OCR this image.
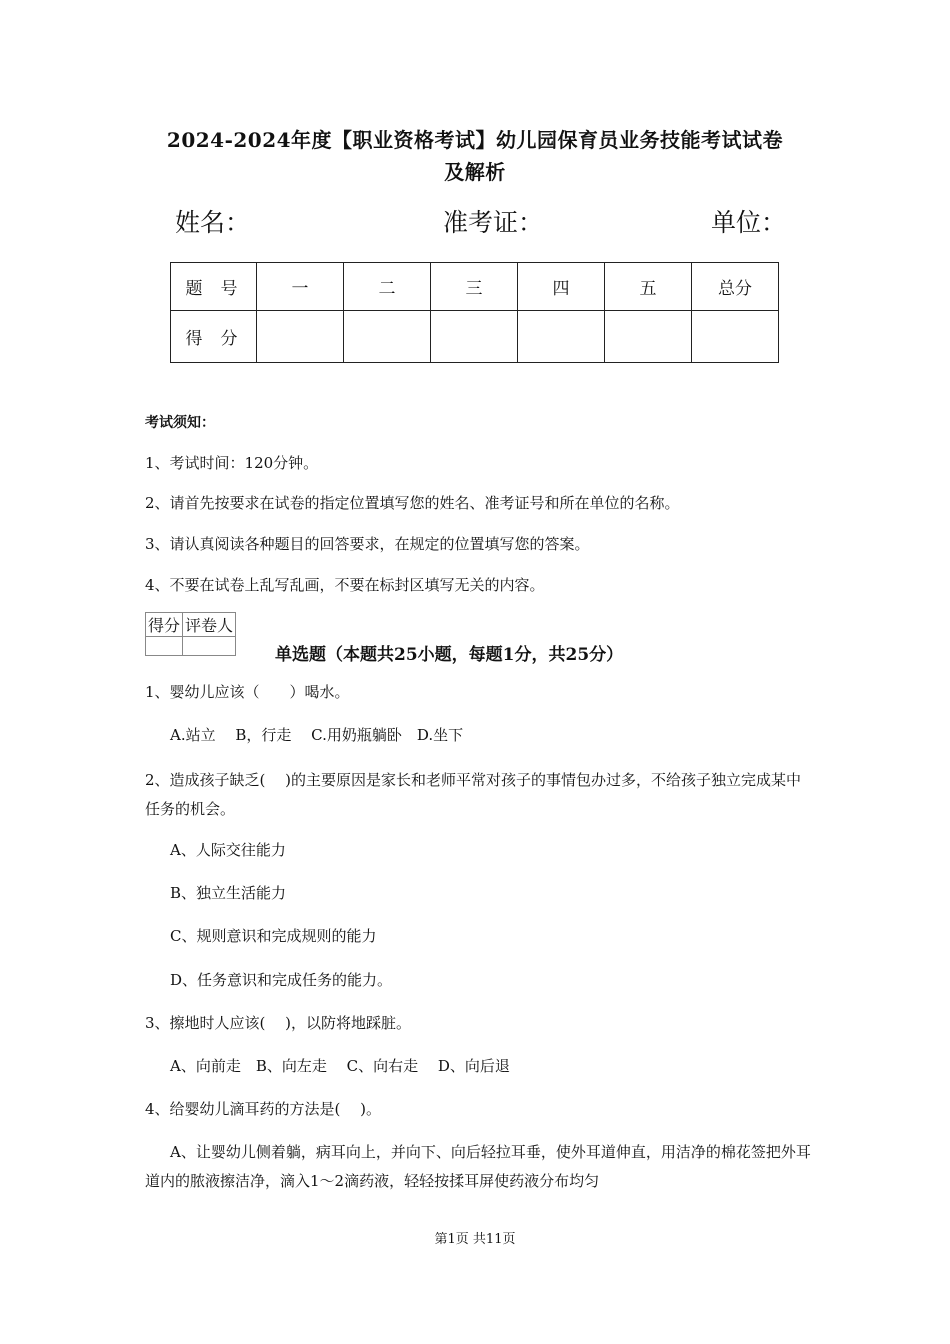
2024-2024年度【职业资格考试】幼儿园保育员业务技能考试试卷
及解析
姓名：	准考证：	单位：
题号	一	二	三	四	五	总分
得分						
考试须知：
1、考试时间：120分钟。
2、请首先按要求在试卷的指定位置填写您的姓名、准考证号和所在单位的名称。
3、请认真阅读各种题目的回答要求，在规定的位置填写您的答案。
4、不要在试卷上乱写乱画，不要在标封区填写无关的内容。
得分	评卷人

单选题（本题共25小题，每题1分，共25分）
1、婴幼儿应该（　　）喝水。
A.站立　 B，行走　 C.用奶瓶躺卧　D.坐下
2、造成孩子缺乏(　 )的主要原因是家长和老师平常对孩子的事情包办过多，不给孩子独立完成某中任务的机会。
A、人际交往能力
B、独立生活能力
C、规则意识和完成规则的能力
D、任务意识和完成任务的能力。
3、擦地时人应该(　 )，以防将地踩脏。
A、向前走　B、向左走　 C、向右走　 D、向后退
4、给婴幼儿滴耳药的方法是(　 )。
A、让婴幼儿侧着躺，病耳向上，并向下、向后轻拉耳垂，使外耳道伸直，用洁净的棉花签把外耳道内的脓液擦洁净，滴入1～2滴药液，轻轻按揉耳屏使药液分布均匀
第1页 共11页
